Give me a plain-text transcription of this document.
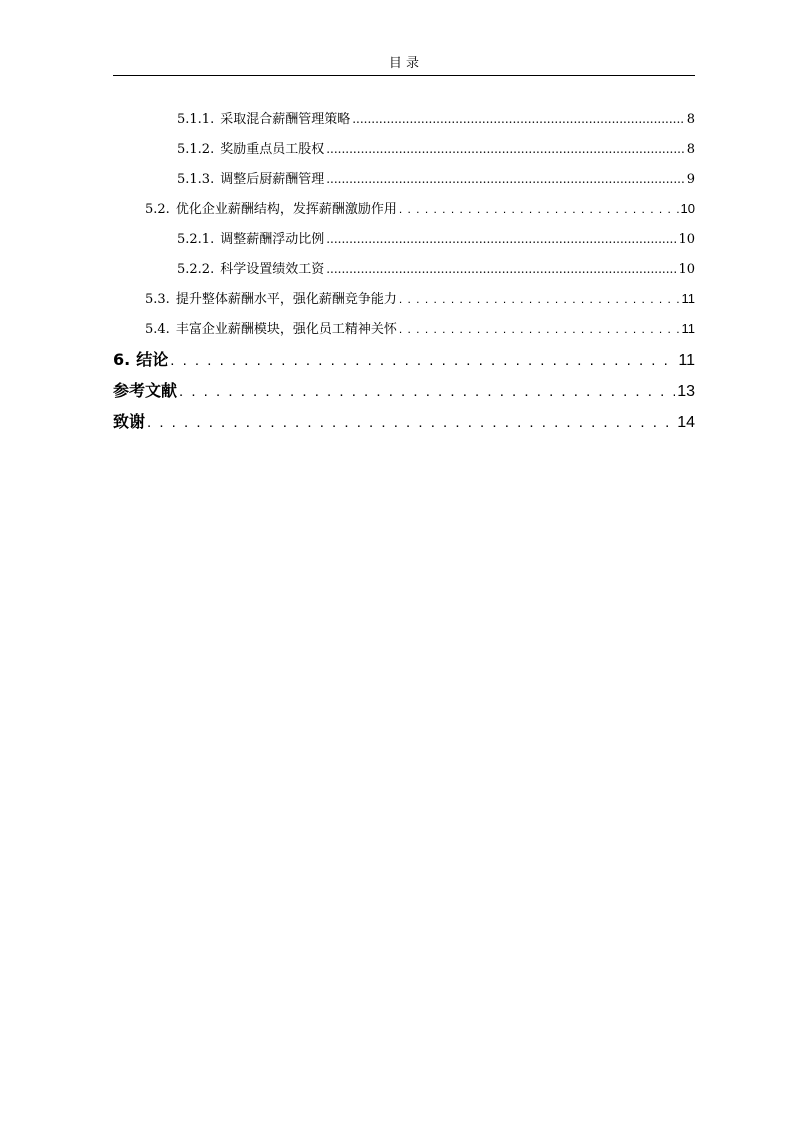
目 录
5.1.1. 采取混合薪酬管理策略 .....	8
5.1.2. 奖励重点员工股权 .....	8
5.1.3. 调整后厨薪酬管理 .....	9
5.2. 优化企业薪酬结构，发挥薪酬激励作用 . . .	10
5.2.1. 调整薪酬浮动比例 .....	10
5.2.2. 科学设置绩效工资 .....	10
5.3. 提升整体薪酬水平，强化薪酬竞争能力 . . .	11
5.4. 丰富企业薪酬模块，强化员工精神关怀 . . .	11
6. 结论 . . .	11
参考文献 . . .	13
致谢 . . .	14
